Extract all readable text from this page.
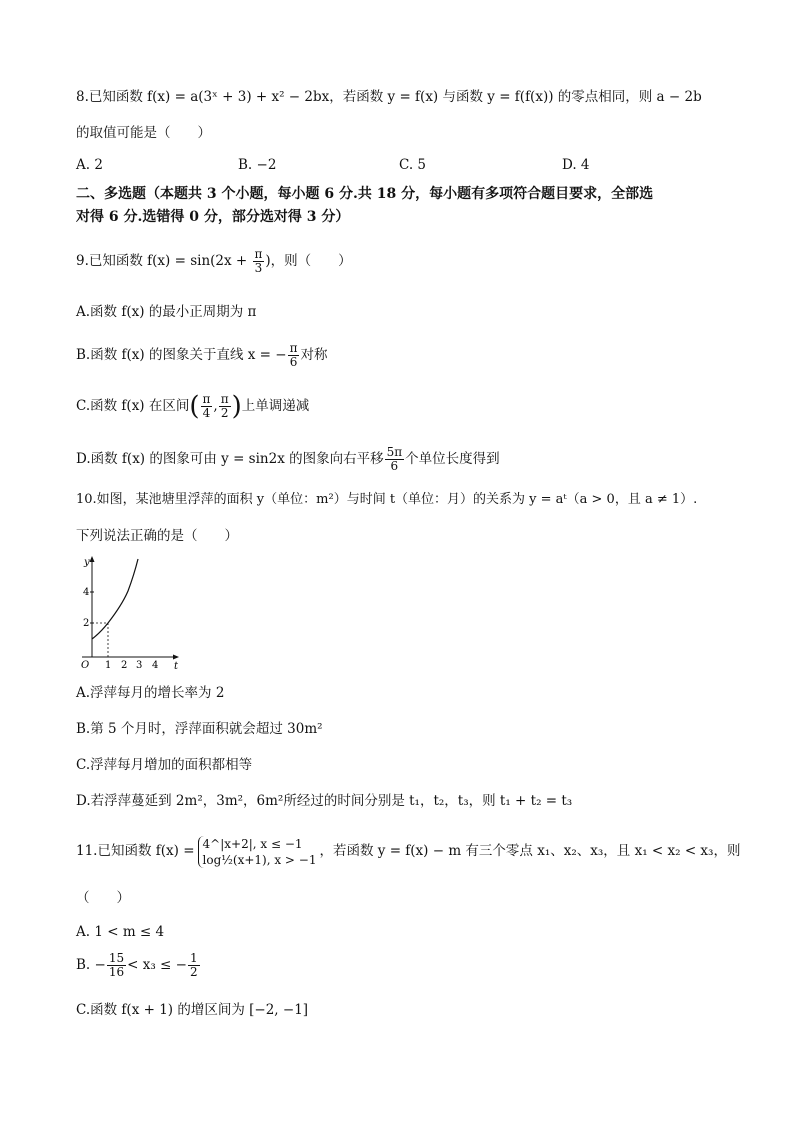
8.已知函数 f(x) = a(3ˣ + 3) + x² − 2bx，若函数 y = f(x) 与函数 y = f(f(x)) 的零点相同，则 a − 2b
的取值可能是（　　）
A. 2	B. −2	C. 5	D. 4
二、多选题（本题共 3 个小题，每小题 6 分.共 18 分，每小题有多项符合题目要求，全部选
对得 6 分.选错得 0 分，部分选对得 3 分）
9.已知函数 $f(x) = \sin(2x + \frac{\pi}{3}$ )，则（　　）
A.函数 f(x) 的最小正周期为 π
B.函数 f(x) 的图象关于直线 x = − $\frac{\pi}{6}$ 对称
C.函数 f(x) 在区间( $\frac{\pi}{4}$ , $\frac{\pi}{2}$ )上单调递减
D.函数 f(x) 的图象可由 y = sin2x 的图象向右平移 $\frac{5\pi}{6}$ 个单位长度得到
10.如图，某池塘里浮萍的面积 y（单位：m²）与时间 t（单位：月）的关系为 y = aᵗ（a > 0，且 a ≠ 1）.
下列说法正确的是（　　）
y
t
O
2
4
1 2 3 4
A.浮萍每月的增长率为 2
B.第 5 个月时，浮萍面积就会超过 30m²
C.浮萍每月增加的面积都相等
D.若浮萍蔓延到 2m²，3m²，6m²所经过的时间分别是 t₁，t₂，t₃，则 t₁ + t₂ = t₃
11.已知函数 f(x) = 4^|x+2|, x ≤ −1
log½(x+1), x > −1
，若函数 y = f(x) − m 有三个零点 x₁、x₂、x₃，且 x₁ < x₂ < x₃，则
（　　）
A. 1 < m ≤ 4
B. − $\frac{15}{16} < x_3$ ≤ − $\frac{1}{2}$
C.函数 f(x + 1) 的增区间为 [−2, −1]
